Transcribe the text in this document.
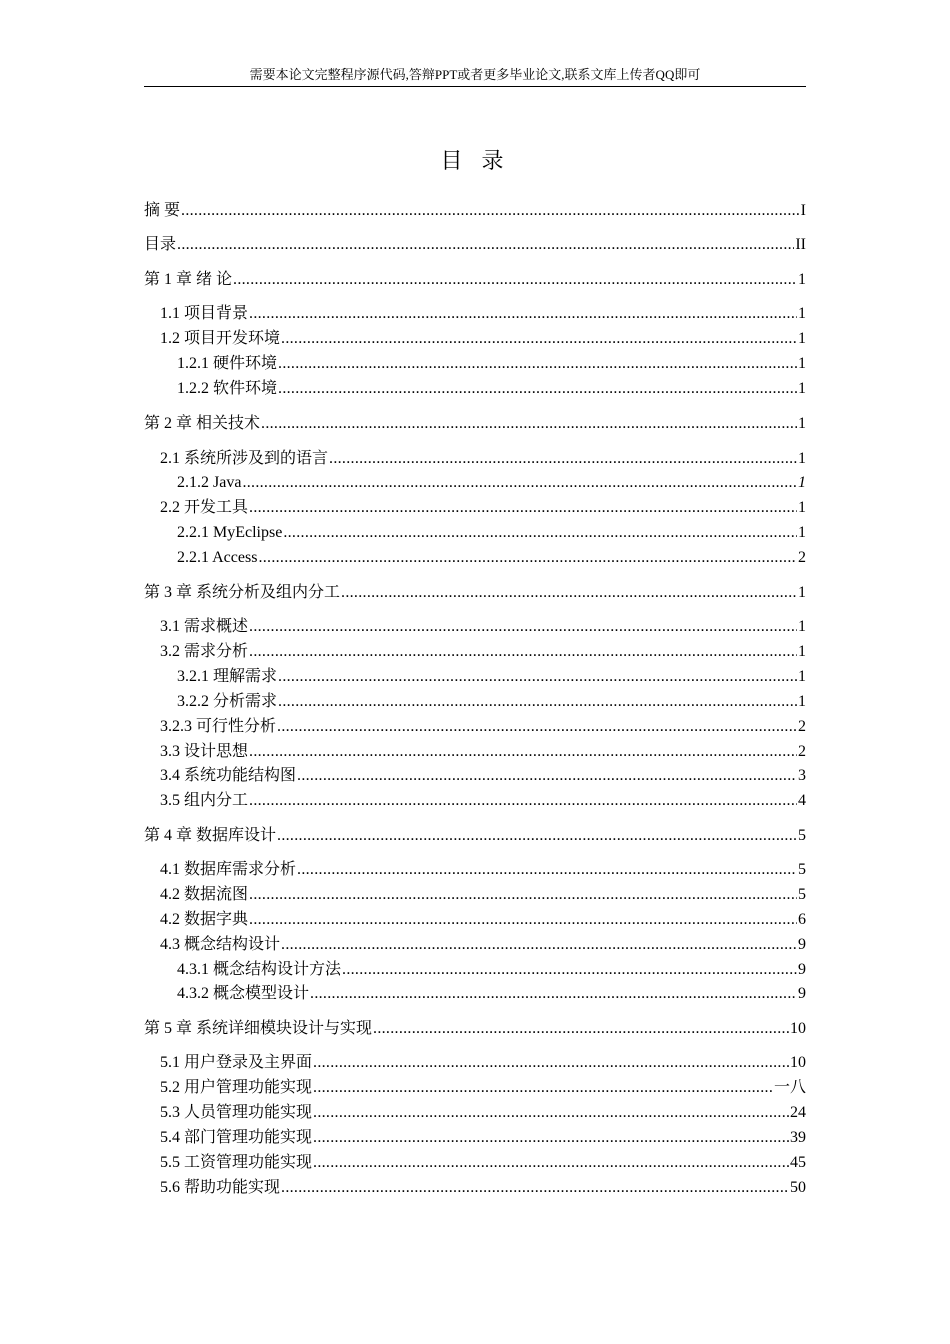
需要本论文完整程序源代码,答辩PPT或者更多毕业论文,联系文库上传者QQ即可
目 录
摘 要 .....	I
目录 .....	II
第 1 章 绪 论 .....	1
1.1 项目背景 .....	1
1.2 项目开发环境 .....	1
1.2.1 硬件环境 .....	1
1.2.2 软件环境 .....	1
第 2 章 相关技术 .....	1
2.1 系统所涉及到的语言 .....	1
2.1.2 Java .....	1
2.2 开发工具 .....	1
2.2.1 MyEclipse .....	1
2.2.1 Access .....	2
第 3 章 系统分析及组内分工 .....	1
3.1 需求概述 .....	1
3.2 需求分析 .....	1
3.2.1 理解需求 .....	1
3.2.2 分析需求 .....	1
3.2.3 可行性分析 .....	2
3.3 设计思想 .....	2
3.4 系统功能结构图 .....	3
3.5 组内分工 .....	4
第 4 章 数据库设计 .....	5
4.1 数据库需求分析 .....	5
4.2 数据流图 .....	5
4.2 数据字典 .....	6
4.3 概念结构设计 .....	9
4.3.1 概念结构设计方法 .....	9
4.3.2 概念模型设计 .....	9
第 5 章 系统详细模块设计与实现 .....	10
5.1 用户登录及主界面 .....	10
5.2 用户管理功能实现 .....	一八
5.3 人员管理功能实现 .....	24
5.4 部门管理功能实现 .....	39
5.5 工资管理功能实现 .....	45
5.6 帮助功能实现 .....	50
